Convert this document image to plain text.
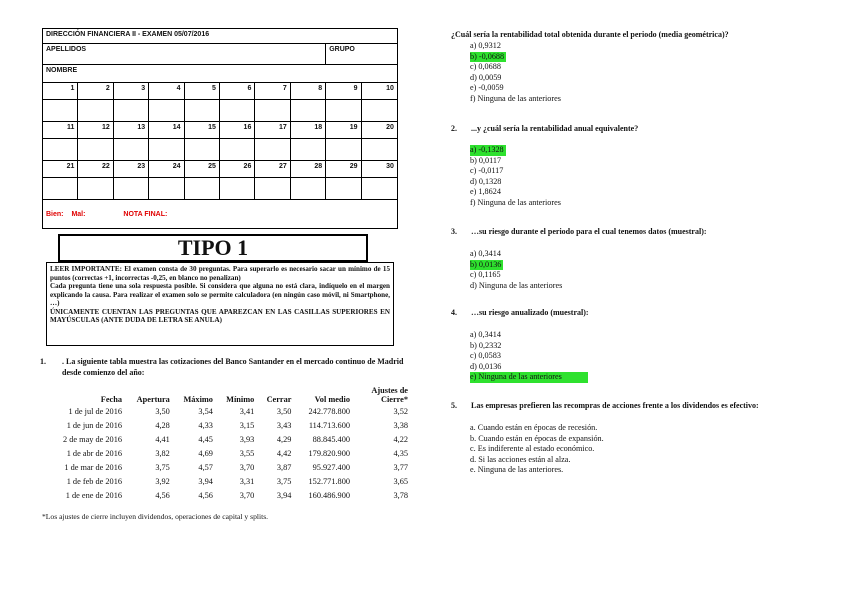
DIRECCIÓN FINANCIERA II - EXAMEN 05/07/2016
APELLIDOS	GRUPO
NOMBRE
1	2	3	4	5	6	7	8	9	10
11	12	13	14	15	16	17	18	19	20
21	22	23	24	25	26	27	28	29	30
Bien: Mal:	NOTA FINAL:
TIPO 1
LEER IMPORTANTE: El examen consta de 30 preguntas. Para superarlo es necesario sacar un mínimo de 15 puntos (correctas +1, incorrectas -0,25, en blanco no penalizan)
Cada pregunta tiene una sola respuesta posible. Si considera que alguna no está clara, indíquelo en el margen explicando la causa. Para realizar el examen solo se permite calculadora (en ningún caso móvil, ni Smartphone, …)
ÚNICAMENTE CUENTAN LAS PREGUNTAS QUE APAREZCAN EN LAS CASILLAS SUPERIORES EN MAYÚSCULAS (ANTE DUDA DE LETRA SE ANULA)
1.	. La siguiente tabla muestra las cotizaciones del Banco Santander en el mercado continuo de Madrid desde comienzo del año:
Fecha	Apertura	Máximo	Mínimo	Cerrar	Vol medio	Ajustes de Cierre*
1 de jul de 2016	3,50	3,54	3,41	3,50	242.778.800	3,52
1 de jun de 2016	4,28	4,33	3,15	3,43	114.713.600	3,38
2 de may de 2016	4,41	4,45	3,93	4,29	88.845.400	4,22
1 de abr de 2016	3,82	4,69	3,55	4,42	179.820.900	4,35
1 de mar de 2016	3,75	4,57	3,70	3,87	95.927.400	3,77
1 de feb de 2016	3,92	3,94	3,31	3,75	152.771.800	3,65
1 de ene de 2016	4,56	4,56	3,70	3,94	160.486.900	3,78
*Los ajustes de cierre incluyen dividendos, operaciones de capital y splits.
¿Cuál sería la rentabilidad total obtenida durante el periodo (media geométrica)?
a) 0,9312
b) -0,0688
c) 0,0688
d) 0,0059
e) -0,0059
f) Ninguna de las anteriores
2.	...y ¿cuál sería la rentabilidad anual equivalente?
a) -0,1328
b) 0,0117
c) -0,0117
d) 0,1328
e) 1,8624
f) Ninguna de las anteriores
3.	…su riesgo durante el periodo para el cual tenemos datos (muestral):
a) 0,3414
b) 0,0136
c) 0,1165
d) Ninguna de las anteriores
4.	…su riesgo anualizado (muestral):
a) 0,3414
b) 0,2332
c) 0,0583
d) 0,0136
e) Ninguna de las anteriores
5.	Las empresas prefieren las recompras de acciones frente a los dividendos es efectivo:
a. Cuando están en épocas de recesión.
b. Cuando están en épocas de expansión.
c. Es indiferente al estado económico.
d. Si las acciones están al alza.
e. Ninguna de las anteriores.
